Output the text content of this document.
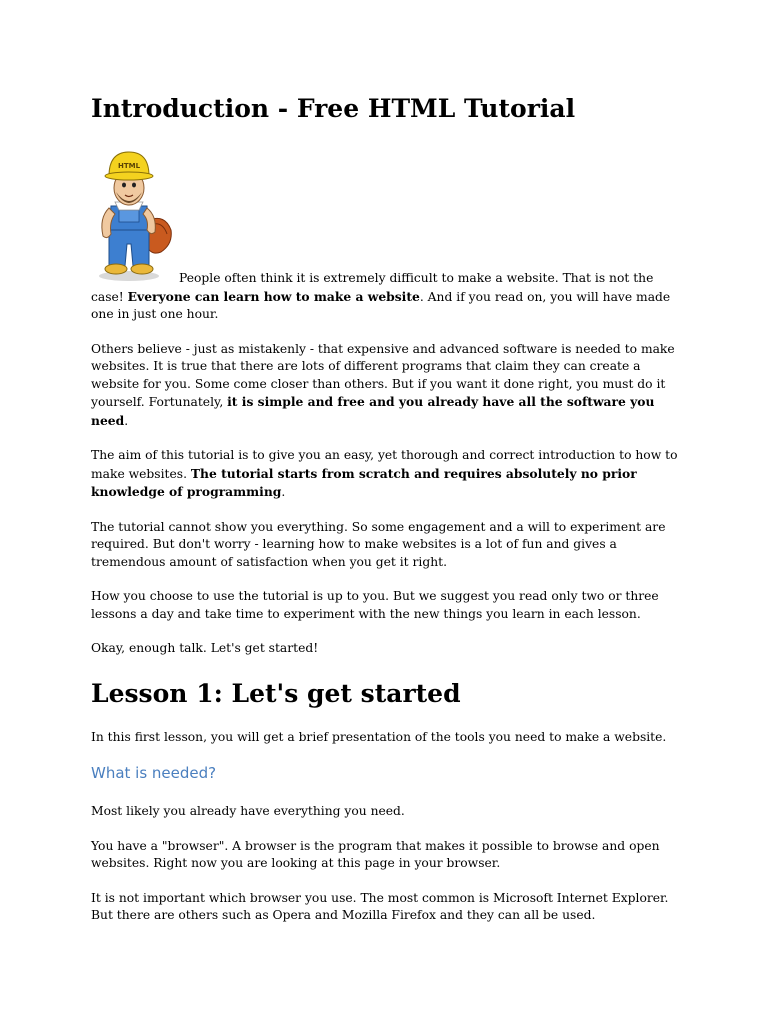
Introduction - Free HTML Tutorial

HTML
People often think it is extremely difficult to make a website. That is not the case! Everyone can learn how to make a website. And if you read on, you will have made one in just one hour.

Others believe - just as mistakenly - that expensive and advanced software is needed to make websites. It is true that there are lots of different programs that claim they can create a website for you. Some come closer than others. But if you want it done right, you must do it yourself. Fortunately, it is simple and free and you already have all the software you need.

The aim of this tutorial is to give you an easy, yet thorough and correct introduction to how to make websites. The tutorial starts from scratch and requires absolutely no prior knowledge of programming.

The tutorial cannot show you everything. So some engagement and a will to experiment are required. But don't worry - learning how to make websites is a lot of fun and gives a tremendous amount of satisfaction when you get it right.

How you choose to use the tutorial is up to you. But we suggest you read only two or three lessons a day and take time to experiment with the new things you learn in each lesson.

Okay, enough talk. Let's get started!

Lesson 1: Let's get started

In this first lesson, you will get a brief presentation of the tools you need to make a website.

What is needed?

Most likely you already have everything you need.

You have a "browser". A browser is the program that makes it possible to browse and open websites. Right now you are looking at this page in your browser.

It is not important which browser you use. The most common is Microsoft Internet Explorer. But there are others such as Opera and Mozilla Firefox and they can all be used.
